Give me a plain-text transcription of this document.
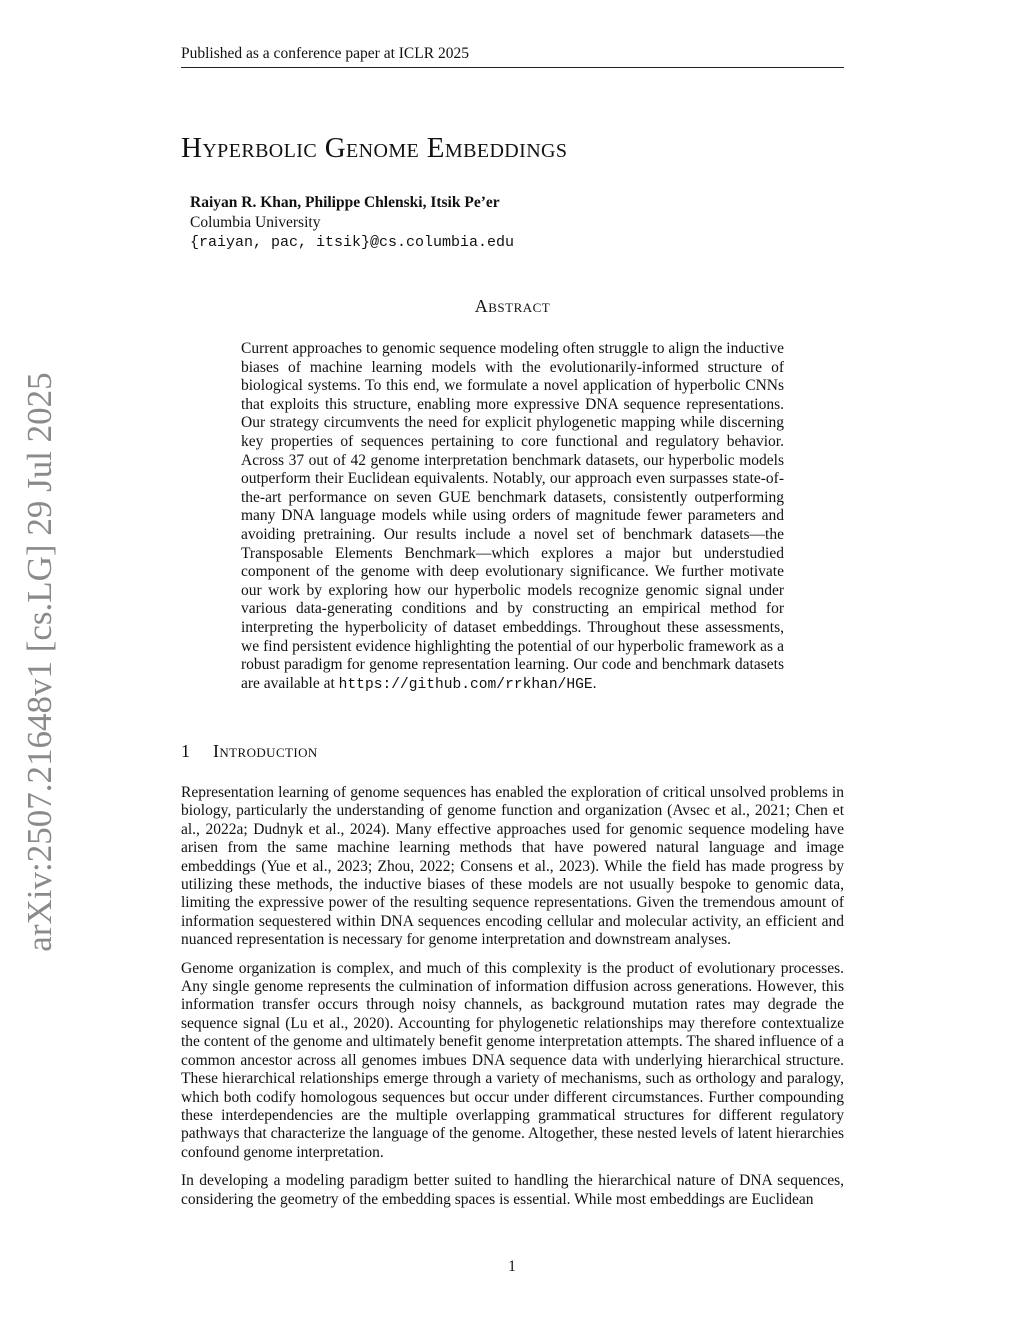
Published as a conference paper at ICLR 2025
arXiv:2507.21648v1 [cs.LG] 29 Jul 2025
Hyperbolic Genome Embeddings
Raiyan R. Khan, Philippe Chlenski, Itsik Pe’er
Columbia University
{raiyan, pac, itsik}@cs.columbia.edu
Abstract
Current approaches to genomic sequence modeling often struggle to align the inductive biases of machine learning models with the evolutionarily-informed structure of biological systems. To this end, we formulate a novel application of hyperbolic CNNs that exploits this structure, enabling more expressive DNA sequence representations. Our strategy circumvents the need for explicit phylogenetic mapping while discerning key properties of sequences pertaining to core functional and regulatory behavior. Across 37 out of 42 genome interpretation benchmark datasets, our hyperbolic models outperform their Euclidean equivalents. Notably, our approach even surpasses state-of-the-art performance on seven GUE benchmark datasets, consistently outperforming many DNA language models while using orders of magnitude fewer parameters and avoiding pretraining. Our results include a novel set of benchmark datasets—the Transposable Elements Benchmark—which explores a major but understudied component of the genome with deep evolutionary significance. We further motivate our work by exploring how our hyperbolic models recognize genomic signal under various data-generating conditions and by constructing an empirical method for interpreting the hyperbolicity of dataset embeddings. Throughout these assessments, we find persistent evidence highlighting the potential of our hyperbolic framework as a robust paradigm for genome representation learning. Our code and benchmark datasets are available at https://github.com/rrkhan/HGE.
1 Introduction

Representation learning of genome sequences has enabled the exploration of critical unsolved problems in biology, particularly the understanding of genome function and organization (Avsec et al., 2021; Chen et al., 2022a; Dudnyk et al., 2024). Many effective approaches used for genomic sequence modeling have arisen from the same machine learning methods that have powered natural language and image embeddings (Yue et al., 2023; Zhou, 2022; Consens et al., 2023). While the field has made progress by utilizing these methods, the inductive biases of these models are not usually bespoke to genomic data, limiting the expressive power of the resulting sequence representations. Given the tremendous amount of information sequestered within DNA sequences encoding cellular and molecular activity, an efficient and nuanced representation is necessary for genome interpretation and downstream analyses.

Genome organization is complex, and much of this complexity is the product of evolutionary processes. Any single genome represents the culmination of information diffusion across generations. However, this information transfer occurs through noisy channels, as background mutation rates may degrade the sequence signal (Lu et al., 2020). Accounting for phylogenetic relationships may therefore contextualize the content of the genome and ultimately benefit genome interpretation attempts. The shared influence of a common ancestor across all genomes imbues DNA sequence data with underlying hierarchical structure. These hierarchical relationships emerge through a variety of mechanisms, such as orthology and paralogy, which both codify homologous sequences but occur under different circumstances. Further compounding these interdependencies are the multiple overlapping grammatical structures for different regulatory pathways that characterize the language of the genome. Altogether, these nested levels of latent hierarchies confound genome interpretation.

In developing a modeling paradigm better suited to handling the hierarchical nature of DNA sequences, considering the geometry of the embedding spaces is essential. While most embeddings are Euclidean

1
